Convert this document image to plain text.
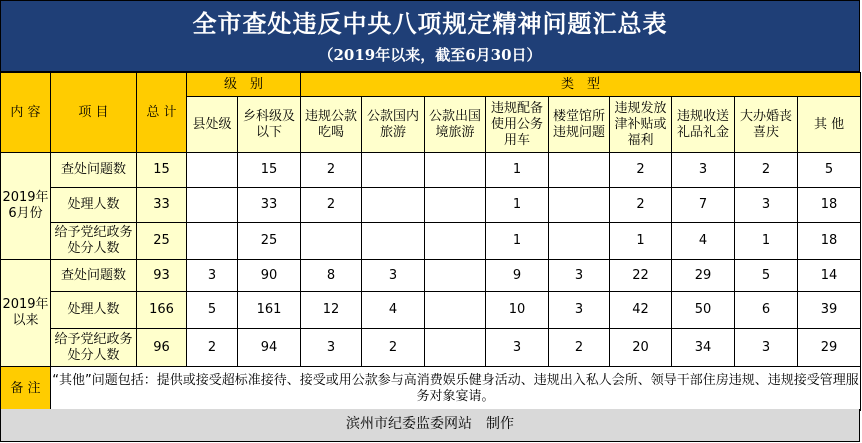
全市查处违反中央八项规定精神问题汇总表
（2019年以来，截至6月30日）
内 容	项 目	总 计	级　别		类　型								
			县处级	乡科级及以下	违规公款吃喝	公款国内旅游	公款出国境旅游	违规配备使用公务用车	楼堂馆所违规问题	违规发放津补贴或福利	违规收送礼品礼金	大办婚丧喜庆	其 他
2019年6月份	查处问题数	15		15	2			1		2	3	2	5
	处理人数	33		33	2			1		2	7	3	18
	给予党纪政务处分人数	25		25				1		1	4	1	18
2019年以来	查处问题数	93	3	90	8	3		9	3	22	29	5	14
	处理人数	166	5	161	12	4		10	3	42	50	6	39
	给予党纪政务处分人数	96	2	94	3	2		3	2	20	34	3	29
备 注	“其他”问题包括：提供或接受超标准接待、接受或用公款参与高消费娱乐健身活动、违规出入私人会所、领导干部住房违规、违规接受管理服务对象宴请。												
滨州市纪委监委网站　制作
